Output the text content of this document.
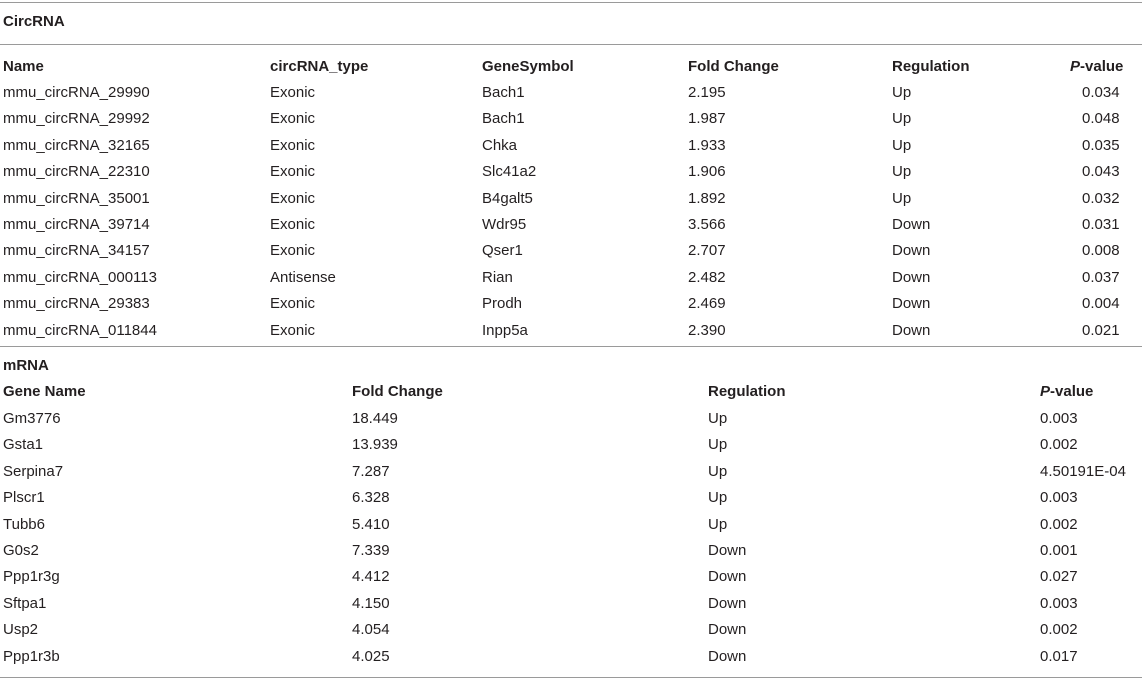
CircRNA
Name	circRNA_type	GeneSymbol	Fold Change	Regulation	P-value
mmu_circRNA_29990	Exonic	Bach1	2.195	Up	0.034
mmu_circRNA_29992	Exonic	Bach1	1.987	Up	0.048
mmu_circRNA_32165	Exonic	Chka	1.933	Up	0.035
mmu_circRNA_22310	Exonic	Slc41a2	1.906	Up	0.043
mmu_circRNA_35001	Exonic	B4galt5	1.892	Up	0.032
mmu_circRNA_39714	Exonic	Wdr95	3.566	Down	0.031
mmu_circRNA_34157	Exonic	Qser1	2.707	Down	0.008
mmu_circRNA_000113	Antisense	Rian	2.482	Down	0.037
mmu_circRNA_29383	Exonic	Prodh	2.469	Down	0.004
mmu_circRNA_011844	Exonic	Inpp5a	2.390	Down	0.021
mRNA
Gene Name	Fold Change	Regulation	P-value
Gm3776	18.449	Up	0.003
Gsta1	13.939	Up	0.002
Serpina7	7.287	Up	4.50191E-04
Plscr1	6.328	Up	0.003
Tubb6	5.410	Up	0.002
G0s2	7.339	Down	0.001
Ppp1r3g	4.412	Down	0.027
Sftpa1	4.150	Down	0.003
Usp2	4.054	Down	0.002
Ppp1r3b	4.025	Down	0.017
